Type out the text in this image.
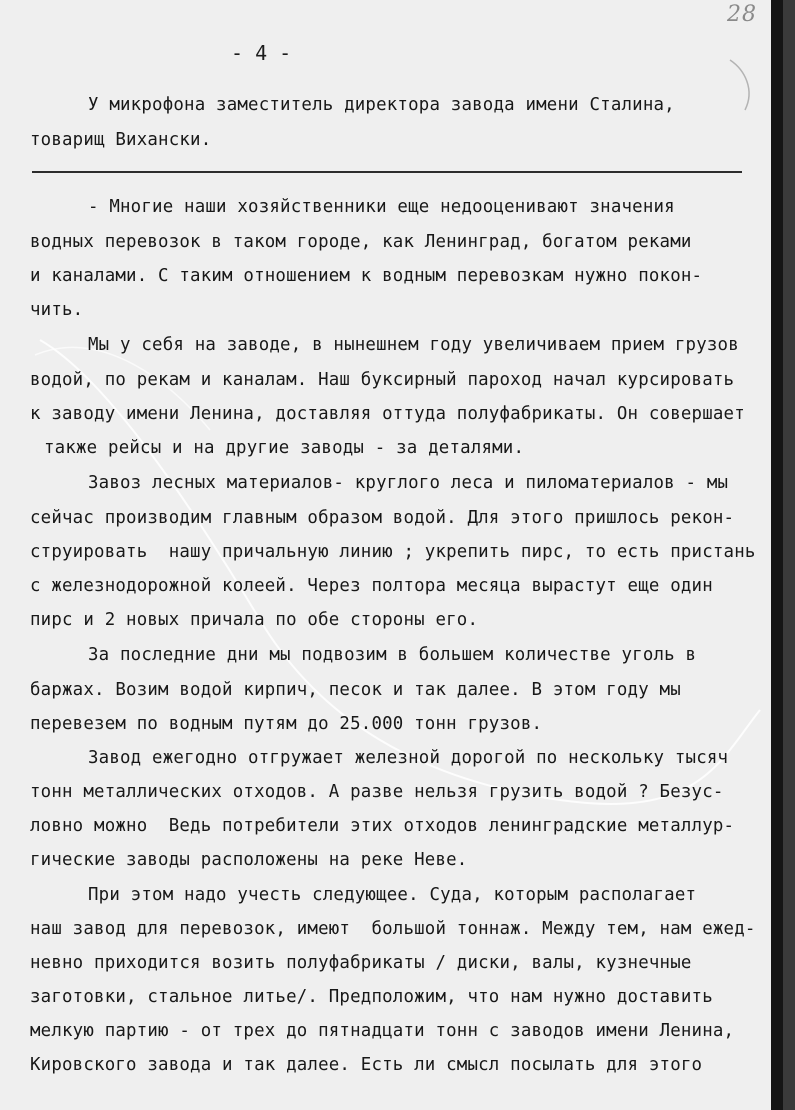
28
- 4 -
У микрофона заместитель директора завода имени Сталина,
товарищ Вихански.
- Многие наши хозяйственники еще недооценивают значения
водных перевозок в таком городе, как Ленинград, богатом реками
и каналами. С таким отношением к водным перевозкам нужно покон-
чить.
Мы у себя на заводе, в нынешнем году увеличиваем прием грузов
водой, по рекам и каналам. Наш буксирный пароход начал курсировать
к заводу имени Ленина, доставляя оттуда полуфабрикаты. Он совершает
также рейсы и на другие заводы - за деталями.
Завоз лесных материалов- круглого леса и пиломатериалов - мы
сейчас производим главным образом водой. Для этого пришлось рекон-
струировать  нашу причальную линию ; укрепить пирс, то есть пристань
с железнодорожной колеей. Через полтора месяца вырастут еще один
пирс и 2 новых причала по обе стороны его.
За последние дни мы подвозим в большем количестве уголь в
баржах. Возим водой кирпич, песок и так далее. В этом году мы
перевезем по водным путям до 25.000 тонн грузов.
Завод ежегодно отгружает железной дорогой по нескольку тысяч
тонн металлических отходов. А разве нельзя грузить водой ? Безус-
ловно можно  Ведь потребители этих отходов ленинградские металлур-
гические заводы расположены на реке Неве.
При этом надо учесть следующее. Суда, которым располагает
наш завод для перевозок, имеют  большой тоннаж. Между тем, нам ежед-
невно приходится возить полуфабрикаты / диски, валы, кузнечные
заготовки, стальное литье/. Предположим, что нам нужно доставить
мелкую партию - от трех до пятнадцати тонн с заводов имени Ленина,
Кировского завода и так далее. Есть ли смысл посылать для этого
